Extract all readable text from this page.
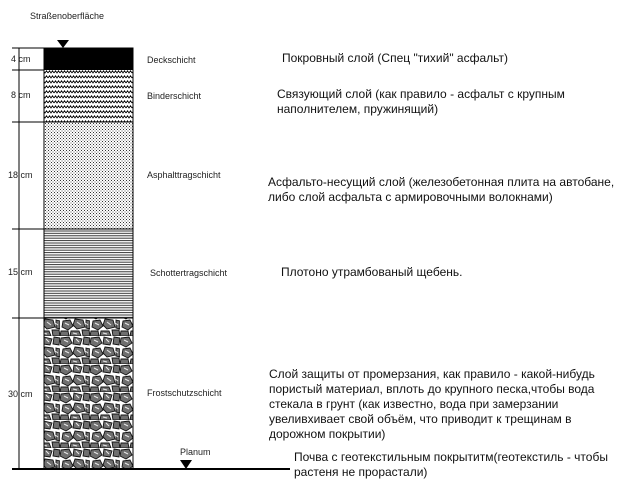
Straßenoberfläche
Planum
4 cm
8 cm
18 cm
15 cm
30 cm
Deckschicht
Binderschicht
Asphalttragschicht
Schottertragschicht
Frostschutzschicht
Покровный слой (Спец "тихий" асфальт)
Связующий слой (как правило - асфальт с крупным наполнителем, пружинящий)
Асфальто-несущий слой (железобетонная плита на автобане, либо слой асфальта с армировочными волокнами)
Плотоно утрамбованый щебень.
Слой защиты от промерзания, как правило - какой-нибудь пористый материал, вплоть до крупного песка,чтобы вода стекала в грунт (как известно, вода при замерзании увеливхивает свой объём, что приводит к трещинам в дорожном покрытии)
Почва с геотекстильным покрытитм(геотекстиль - чтобы растеня не прорастали)
